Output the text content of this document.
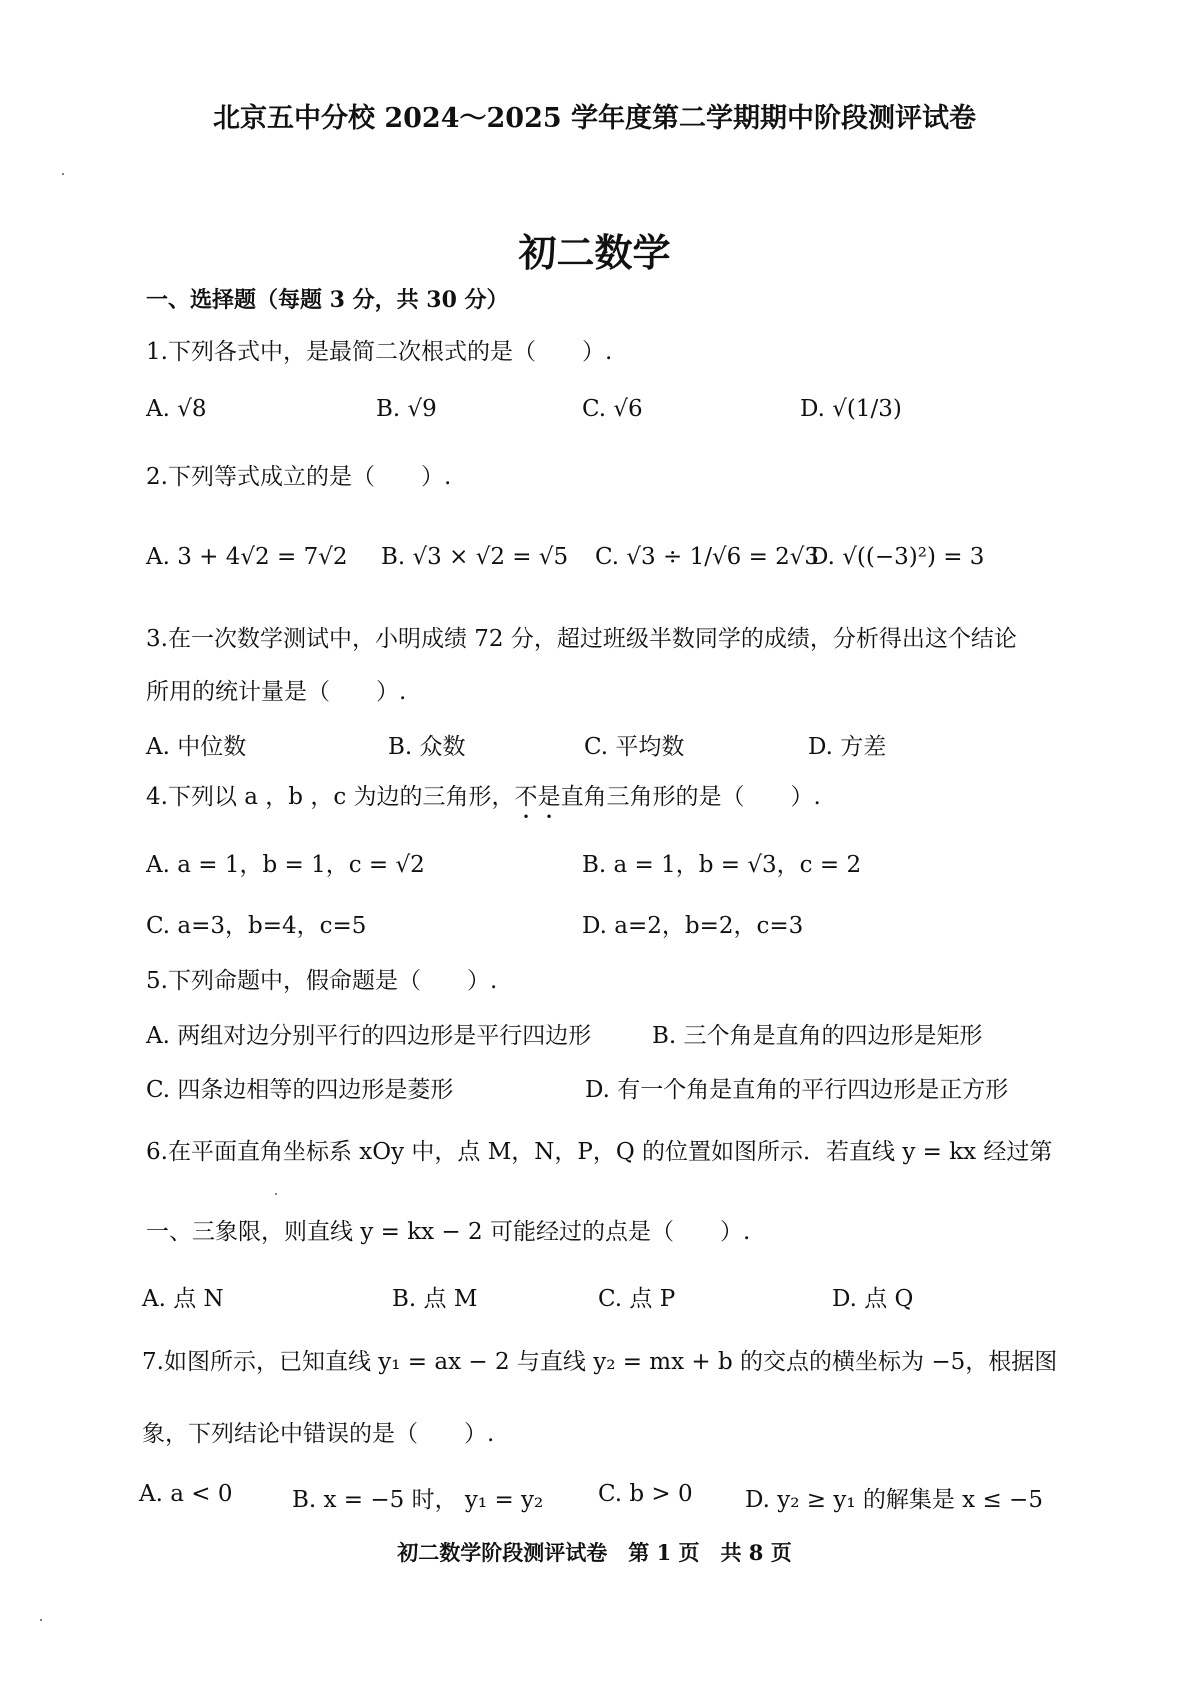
北京五中分校 2024～2025 学年度第二学期期中阶段测评试卷
初二数学
一、选择题（每题 3 分，共 30 分）
1.下列各式中，是最简二次根式的是（　　）.
A. √8	B. √9	C. √6	D. √(1/3)
2.下列等式成立的是（　　）.
A. 3 + 4√2 = 7√2 B. √3 × √2 = √5 C. √3 ÷ 1/√6 = 2√3
D. √((−3)²) = 3
3.在一次数学测试中，小明成绩 72 分，超过班级半数同学的成绩，分析得出这个结论
所用的统计量是（　　）.
A. 中位数	B. 众数	C. 平均数	D. 方差
4.下列以 a ，b ，c 为边的三角形，不是直角三角形的是（　　）.
A. a = 1，b = 1，c = √2	B. a = 1，b = √3，c = 2
C. a=3，b=4，c=5	D. a=2，b=2，c=3
5.下列命题中，假命题是（　　）.
A. 两组对边分别平行的四边形是平行四边形	B. 三个角是直角的四边形是矩形
C. 四条边相等的四边形是菱形	D. 有一个角是直角的平行四边形是正方形
6.在平面直角坐标系 xOy 中，点 M，N，P，Q 的位置如图所示．若直线 y = kx 经过第
一、三象限，则直线 y = kx − 2 可能经过的点是（　　）.
A. 点 N	B. 点 M	C. 点 P	D. 点 Q
7.如图所示，已知直线 y₁ = ax − 2 与直线 y₂ = mx + b 的交点的横坐标为 −5，根据图
象，下列结论中错误的是（　　）.
A. a < 0	B. x = −5 时， y₁ = y₂ C. b > 0 D. y₂ ≥ y₁ 的解集是 x ≤ −5
初二数学阶段测评试卷　第 1 页　共 8 页
